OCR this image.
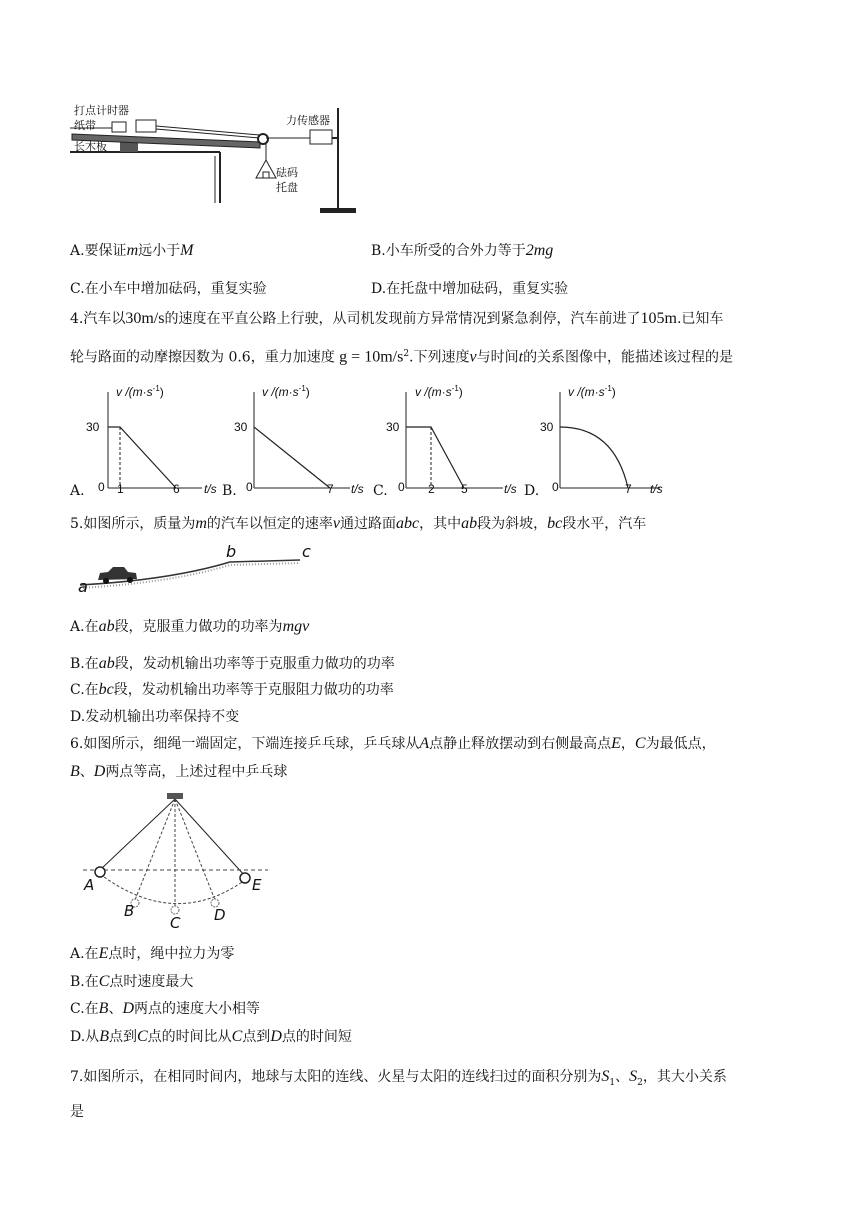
打点计时器
纸带
长木板
力传感器
砝码
托盘
A.要保证m远小于M	B.小车所受的合外力等于2mg
C.在小车中增加砝码，重复实验	D.在托盘中增加砝码，重复实验
4.汽车以30m/s的速度在平直公路上行驶，从司机发现前方异常情况到紧急刹停，汽车前进了105m.已知车
轮与路面的动摩擦因数为 0.6，重力加速度 $g = 10m/s^2$.下列速度v与时间t的关系图像中，能描述该过程的是
v $/(m\cdot s^{-1})$
30
0 1	6 t/s
A.
v $/(m\cdot s^{-1})$
30
0	7 t/s
B.
v $/(m\cdot s^{-1})$
30
0 2 5	t/s
C.
v $/(m\cdot s^{-1})$
30
0	7 t/s
D.
5.如图所示，质量为m的汽车以恒定的速率v通过路面abc，其中ab段为斜坡，bc段水平，汽车
a
b	c
A.在ab段，克服重力做功的功率为mgv
B.在ab段，发动机输出功率等于克服重力做功的功率
C.在bc段，发动机输出功率等于克服阻力做功的功率
D.发动机输出功率保持不变
6.如图所示，细绳一端固定，下端连接乒乓球，乒乓球从A点静止释放摆动到右侧最高点E，C为最低点，
B、D两点等高，上述过程中乒乓球
A
B
C D
E
A.在E点时，绳中拉力为零
B.在C点时速度最大
C.在B、D两点的速度大小相等
D.从B点到C点的时间比从C点到D点的时间短
7.如图所示，在相同时间内，地球与太阳的连线、火星与太阳的连线扫过的面积分别为$S_1$、$S_2$，其大小关系
是
